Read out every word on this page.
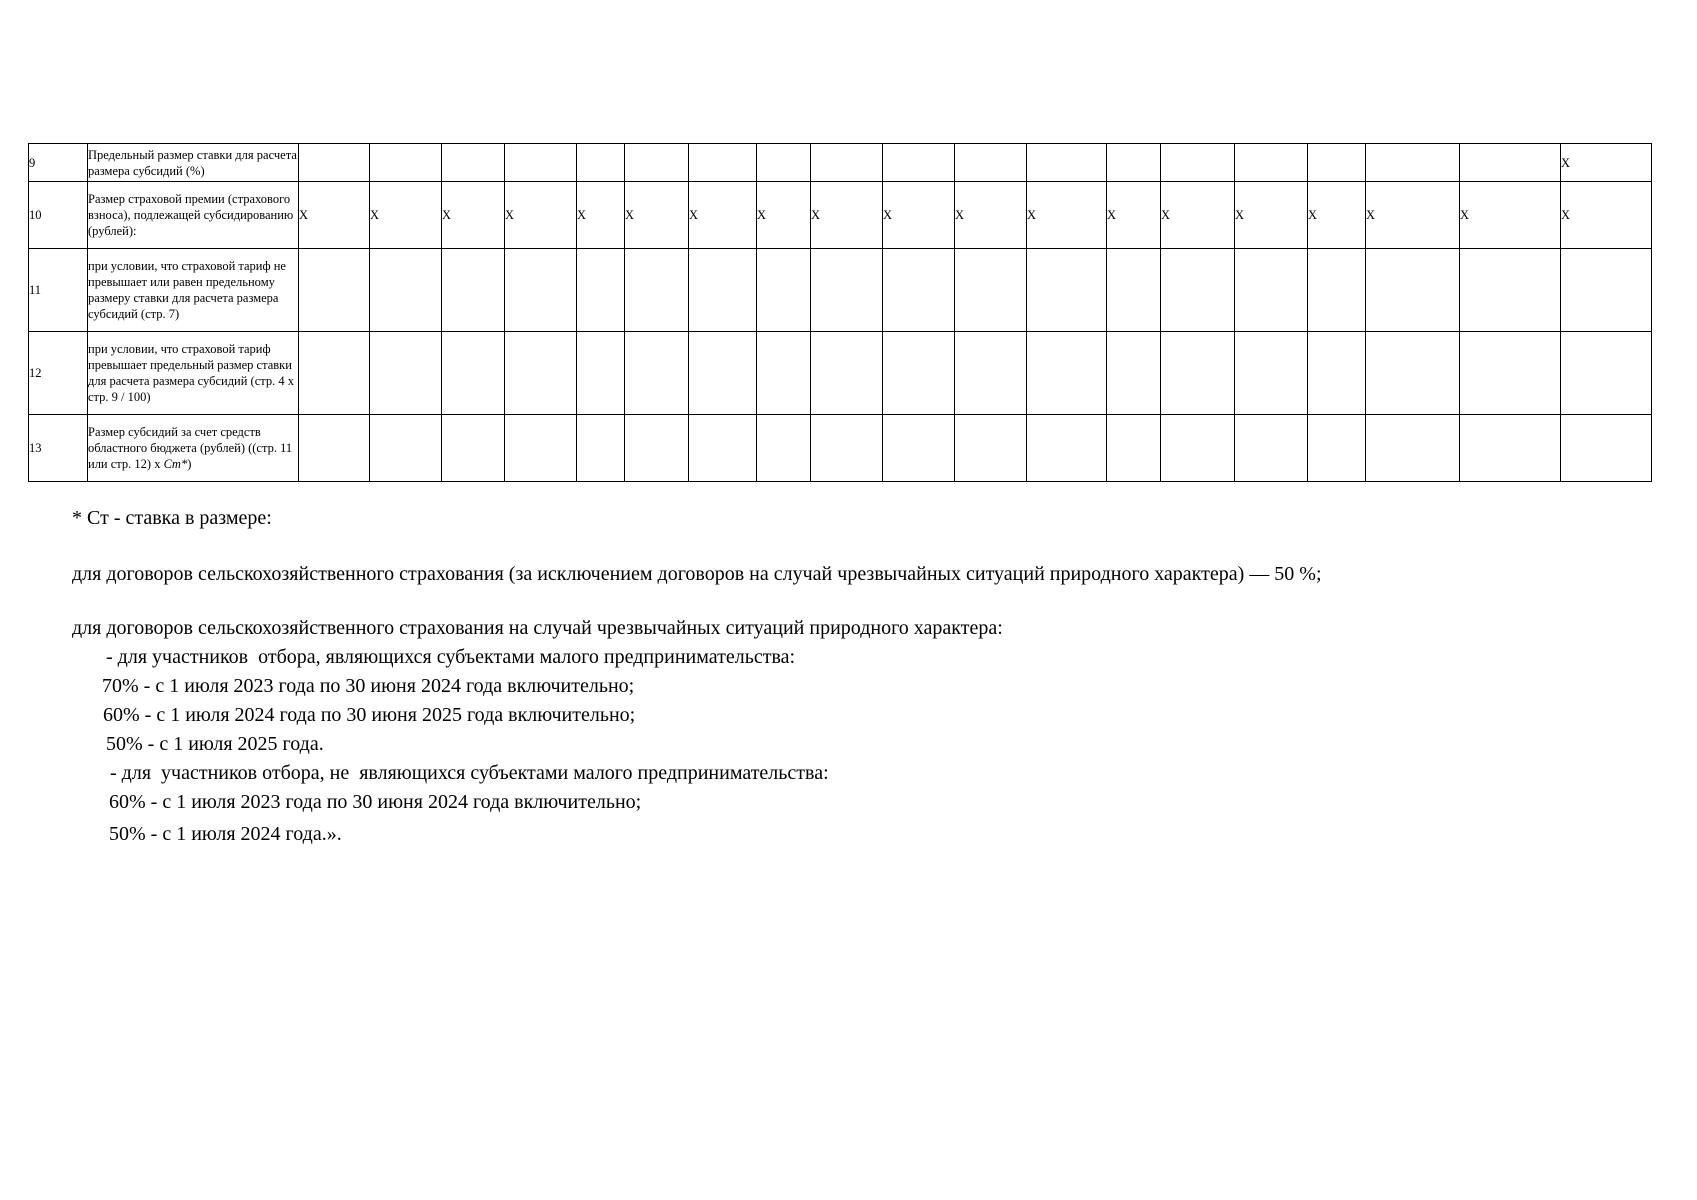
9	Предельный размер ставки для расчета размера субсидий (%)																			Х
10	Размер страховой премии (страхового взноса), подлежащей субсидированию (рублей):	Х	Х	Х	Х	Х	Х	Х	Х	Х	Х	Х	Х	Х	Х	Х	Х	Х	Х	Х
11	при условии, что страховой тариф не превышает или равен предельному размеру ставки для расчета размера субсидий (стр. 7)																			
12	при условии, что страховой тариф превышает предельный размер ставки для расчета размера субсидий (стр. 4 х стр. 9 / 100)																			
13	Размер субсидий за счет средств областного бюджета (рублей) ((стр. 11 или стр. 12) х Cm*)																			

* Ст - ставка в размере:

для договоров сельскохозяйственного страхования (за исключением договоров на случай чрезвычайных ситуаций природного характера) — 50 %;

для договоров сельскохозяйственного страхования на случай чрезвычайных ситуаций природного характера:

- для участников  отбора, являющихся субъектами малого предпринимательства:

70% - с 1 июля 2023 года по 30 июня 2024 года включительно;

60% - с 1 июля 2024 года по 30 июня 2025 года включительно;

50% - с 1 июля 2025 года.

- для  участников отбора, не  являющихся субъектами малого предпринимательства:

60% - с 1 июля 2023 года по 30 июня 2024 года включительно;

50% - с 1 июля 2024 года.».
